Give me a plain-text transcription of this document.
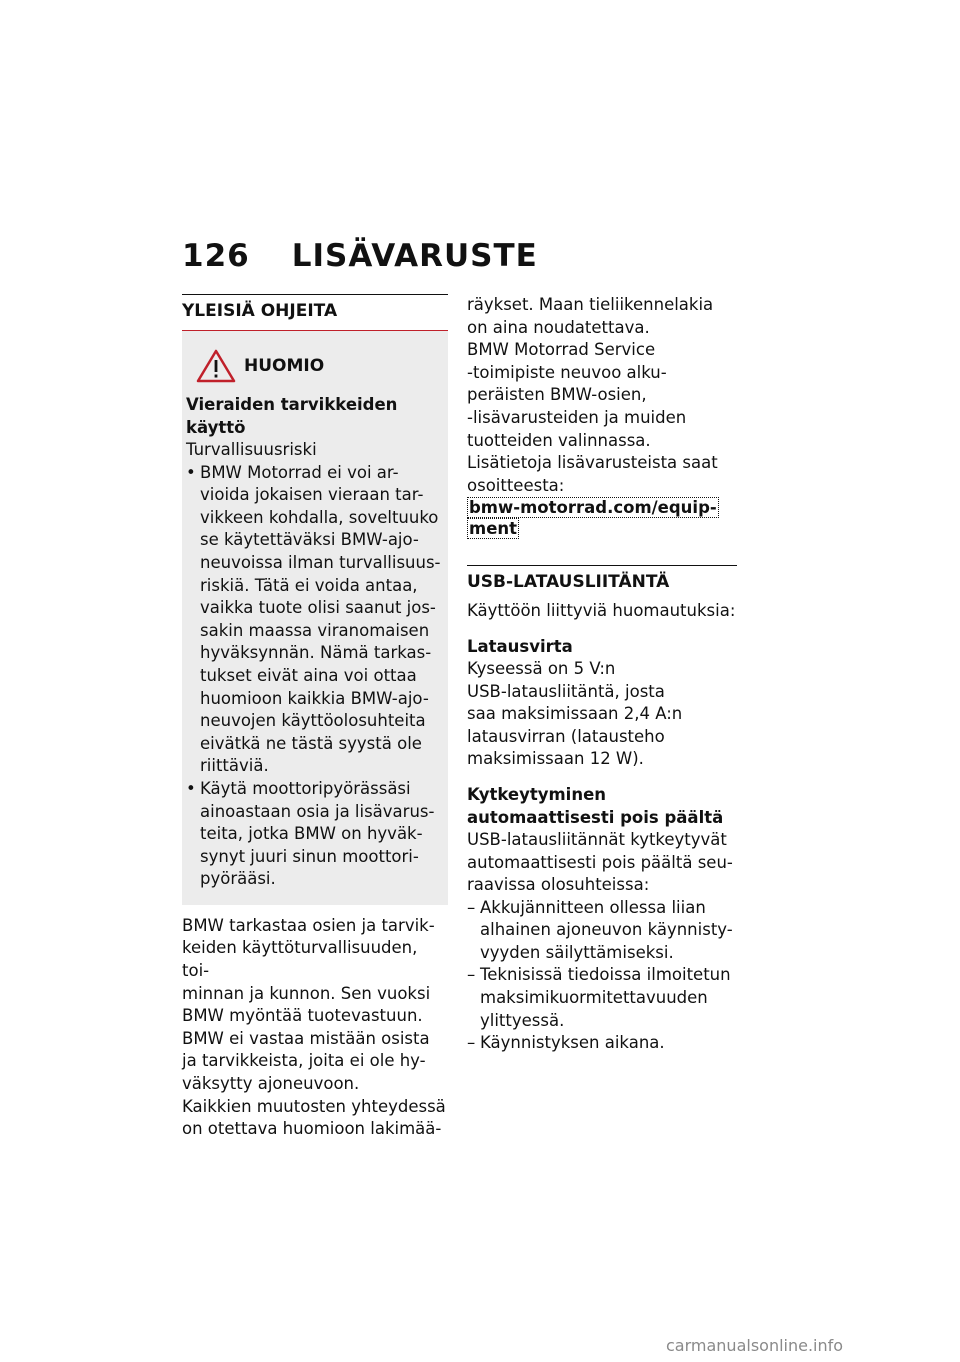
126 LISÄVARUSTE
YLEISIÄ OHJEITA
HUOMIO
Vieraiden tarvikkeiden
käyttö
Turvallisuusriski
• BMW Motorrad ei voi ar-
vioida jokaisen vieraan tar-
vikkeen kohdalla, soveltuuko
se käytettäväksi BMW-ajo-
neuvoissa ilman turvallisuus-
riskiä. Tätä ei voida antaa,
vaikka tuote olisi saanut jos-
sakin maassa viranomaisen
hyväksynnän. Nämä tarkas-
tukset eivät aina voi ottaa
huomioon kaikkia BMW-ajo-
neuvojen käyttöolosuhteita
eivätkä ne tästä syystä ole
riittäviä.
• Käytä moottoripyörässäsi
ainoastaan osia ja lisävarus-
teita, jotka BMW on hyväk-
synyt juuri sinun moottori-
pyörääsi.
BMW tarkastaa osien ja tarvik-
keiden käyttöturvallisuuden, toi-
minnan ja kunnon. Sen vuoksi
BMW myöntää tuotevastuun.
BMW ei vastaa mistään osista
ja tarvikkeista, joita ei ole hy-
väksytty ajoneuvoon.
Kaikkien muutosten yhteydessä
on otettava huomioon lakimää-
räykset. Maan tieliikennelakia
on aina noudatettava.
BMW Motorrad Service
-toimipiste neuvoo alku-
peräisten BMW-osien,
-lisävarusteiden ja muiden
tuotteiden valinnassa.
Lisätietoja lisävarusteista saat
osoitteesta:
bmw-motorrad.com/equip-
ment
USB-LATAUSLIITÄNTÄ
Käyttöön liittyviä huomautuksia:
Latausvirta
Kyseessä on 5 V:n
USB-latausliitäntä, josta
saa maksimissaan 2,4 A:n
latausvirran (latausteho
maksimissaan 12 W).
Kytkeytyminen
automaattisesti pois päältä
USB-latausliitännät kytkeytyvät
automaattisesti pois päältä seu-
raavissa olosuhteissa:
– Akkujännitteen ollessa liian
alhainen ajoneuvon käynnisty-
vyyden säilyttämiseksi.
– Teknisissä tiedoissa ilmoitetun
maksimikuormitettavuuden
ylittyessä.
– Käynnistyksen aikana.
carmanualsonline.info
